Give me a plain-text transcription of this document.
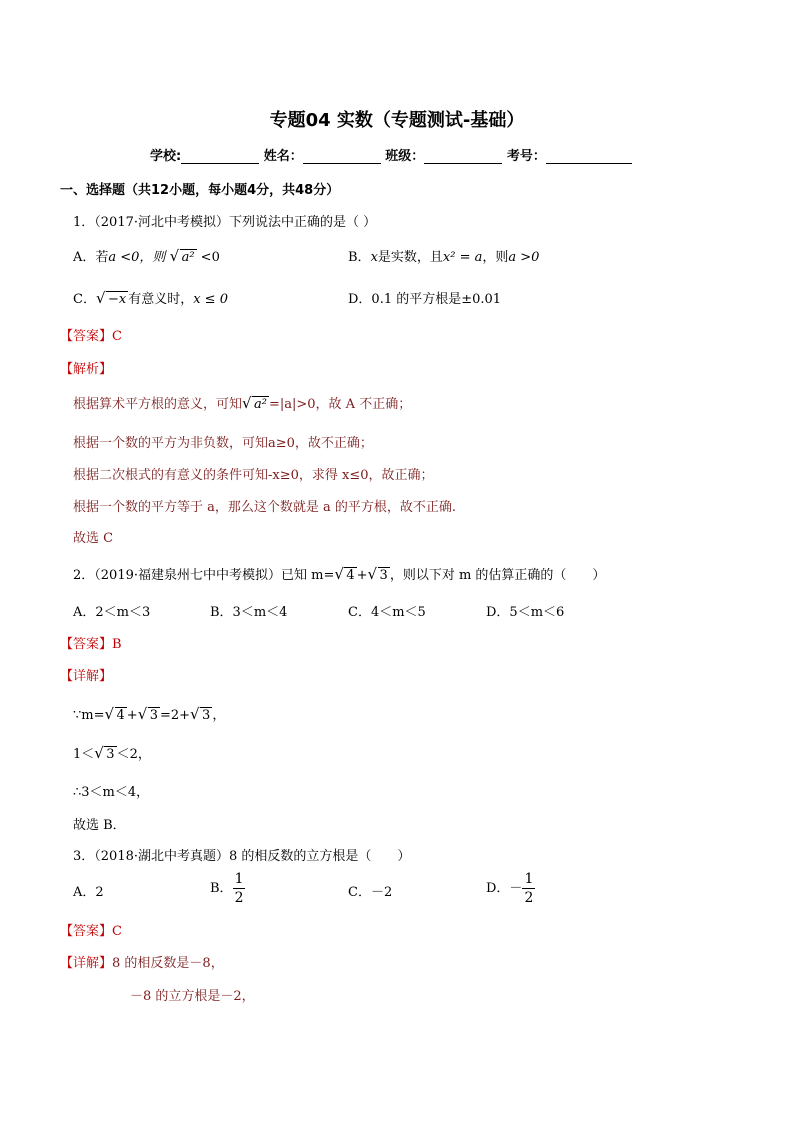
专题04 实数（专题测试-基础）
学校:	姓名：	班级：	考号：
一、选择题（共12小题，每小题4分，共48分）
1．（2017·河北中考模拟）下列说法中正确的是（ ）
A．若a <0，则 √ a² <0	B．x是实数，且x² = a，则a >0
C． √ −x 有意义时，x ≤ 0	D．0.1 的平方根是±0.01
【答案】C
【解析】
根据算术平方根的意义，可知 √ a² =|a|>0，故 A 不正确；
根据一个数的平方为非负数，可知a≥0，故不正确；
根据二次根式的有意义的条件可知-x≥0，求得 x≤0，故正确；
根据一个数的平方等于 a，那么这个数就是 a 的平方根，故不正确.
故选 C
2．（2019·福建泉州七中中考模拟）已知 m= √ 4 + √ 3 ，则以下对 m 的估算正确的（　　）
A．2＜m＜3	B．3＜m＜4	C．4＜m＜5	D．5＜m＜6
【答案】B
【详解】
∵m= √ 4 + √ 3 =2+ √ 3 ，
1＜ √ 3 ＜2，
∴3＜m＜4，
故选 B．
3．（2018·湖北中考真题）8 的相反数的立方根是（　　）
A．2	B． $\frac{1}{2}$	C．－2	D．－ $\frac{1}{2}$
【答案】C
【详解】8 的相反数是－8，
－8 的立方根是－2，
